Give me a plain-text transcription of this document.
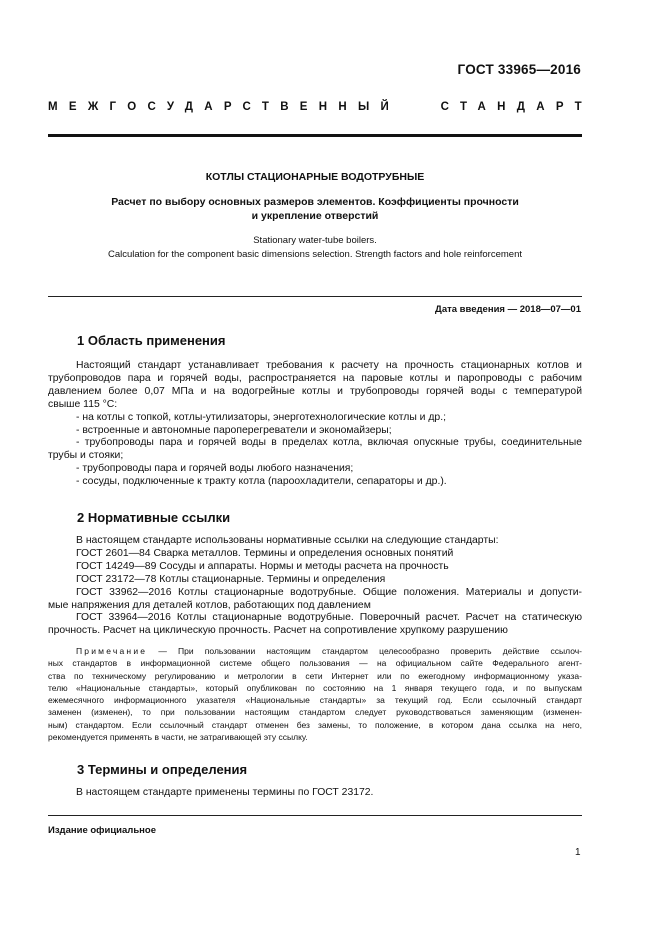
ГОСТ 33965—2016
МЕЖГОСУДАРСТВЕННЫЙ	СТАНДАРТ
КОТЛЫ СТАЦИОНАРНЫЕ ВОДОТРУБНЫЕ
Расчет по выбору основных размеров элементов. Коэффициенты прочности
и укрепление отверстий
Stationary water-tube boilers.
Calculation for the component basic dimensions selection. Strength factors and hole reinforcement
Дата введения — 2018—07—01
1 Область применения
Настоящий стандарт устанавливает требования к расчету на прочность стационарных котлов и
трубопроводов пара и горячей воды, распространяется на паровые котлы и паропроводы с рабочим
давлением более 0,07 МПа и на водогрейные котлы и трубопроводы горячей воды с температурой
свыше 115 °С:
- на котлы с топкой, котлы-утилизаторы, энерготехнологические котлы и др.;
- встроенные и автономные пароперегреватели и экономайзеры;
- трубопроводы пара и горячей воды в пределах котла, включая опускные трубы, соединительные
трубы и стояки;
- трубопроводы пара и горячей воды любого назначения;
- сосуды, подключенные к тракту котла (пароохладители, сепараторы и др.).
2 Нормативные ссылки
В настоящем стандарте использованы нормативные ссылки на следующие стандарты:
ГОСТ 2601—84 Сварка металлов. Термины и определения основных понятий
ГОСТ 14249—89 Сосуды и аппараты. Нормы и методы расчета на прочность
ГОСТ 23172—78 Котлы стационарные. Термины и определения
ГОСТ 33962—2016 Котлы стационарные водотрубные. Общие положения. Материалы и допусти-
мые напряжения для деталей котлов, работающих под давлением
ГОСТ 33964—2016 Котлы стационарные водотрубные. Поверочный расчет. Расчет на статическую
прочность. Расчет на циклическую прочность. Расчет на сопротивление хрупкому разрушению
Примечание — При пользовании настоящим стандартом целесообразно проверить действие ссылоч-
ных стандартов в информационной системе общего пользования — на официальном сайте Федерального агент-
ства по техническому регулированию и метрологии в сети Интернет или по ежегодному информационному указа-
телю «Национальные стандарты», который опубликован по состоянию на 1 января текущего года, и по выпускам
ежемесячного информационного указателя «Национальные стандарты» за текущий год. Если ссылочный стандарт
заменен (изменен), то при пользовании настоящим стандартом следует руководствоваться заменяющим (изменен-
ным) стандартом. Если ссылочный стандарт отменен без замены, то положение, в котором дана ссылка на него,
рекомендуется применять в части, не затрагивающей эту ссылку.
3 Термины и определения
В настоящем стандарте применены термины по ГОСТ 23172.
Издание официальное
1
